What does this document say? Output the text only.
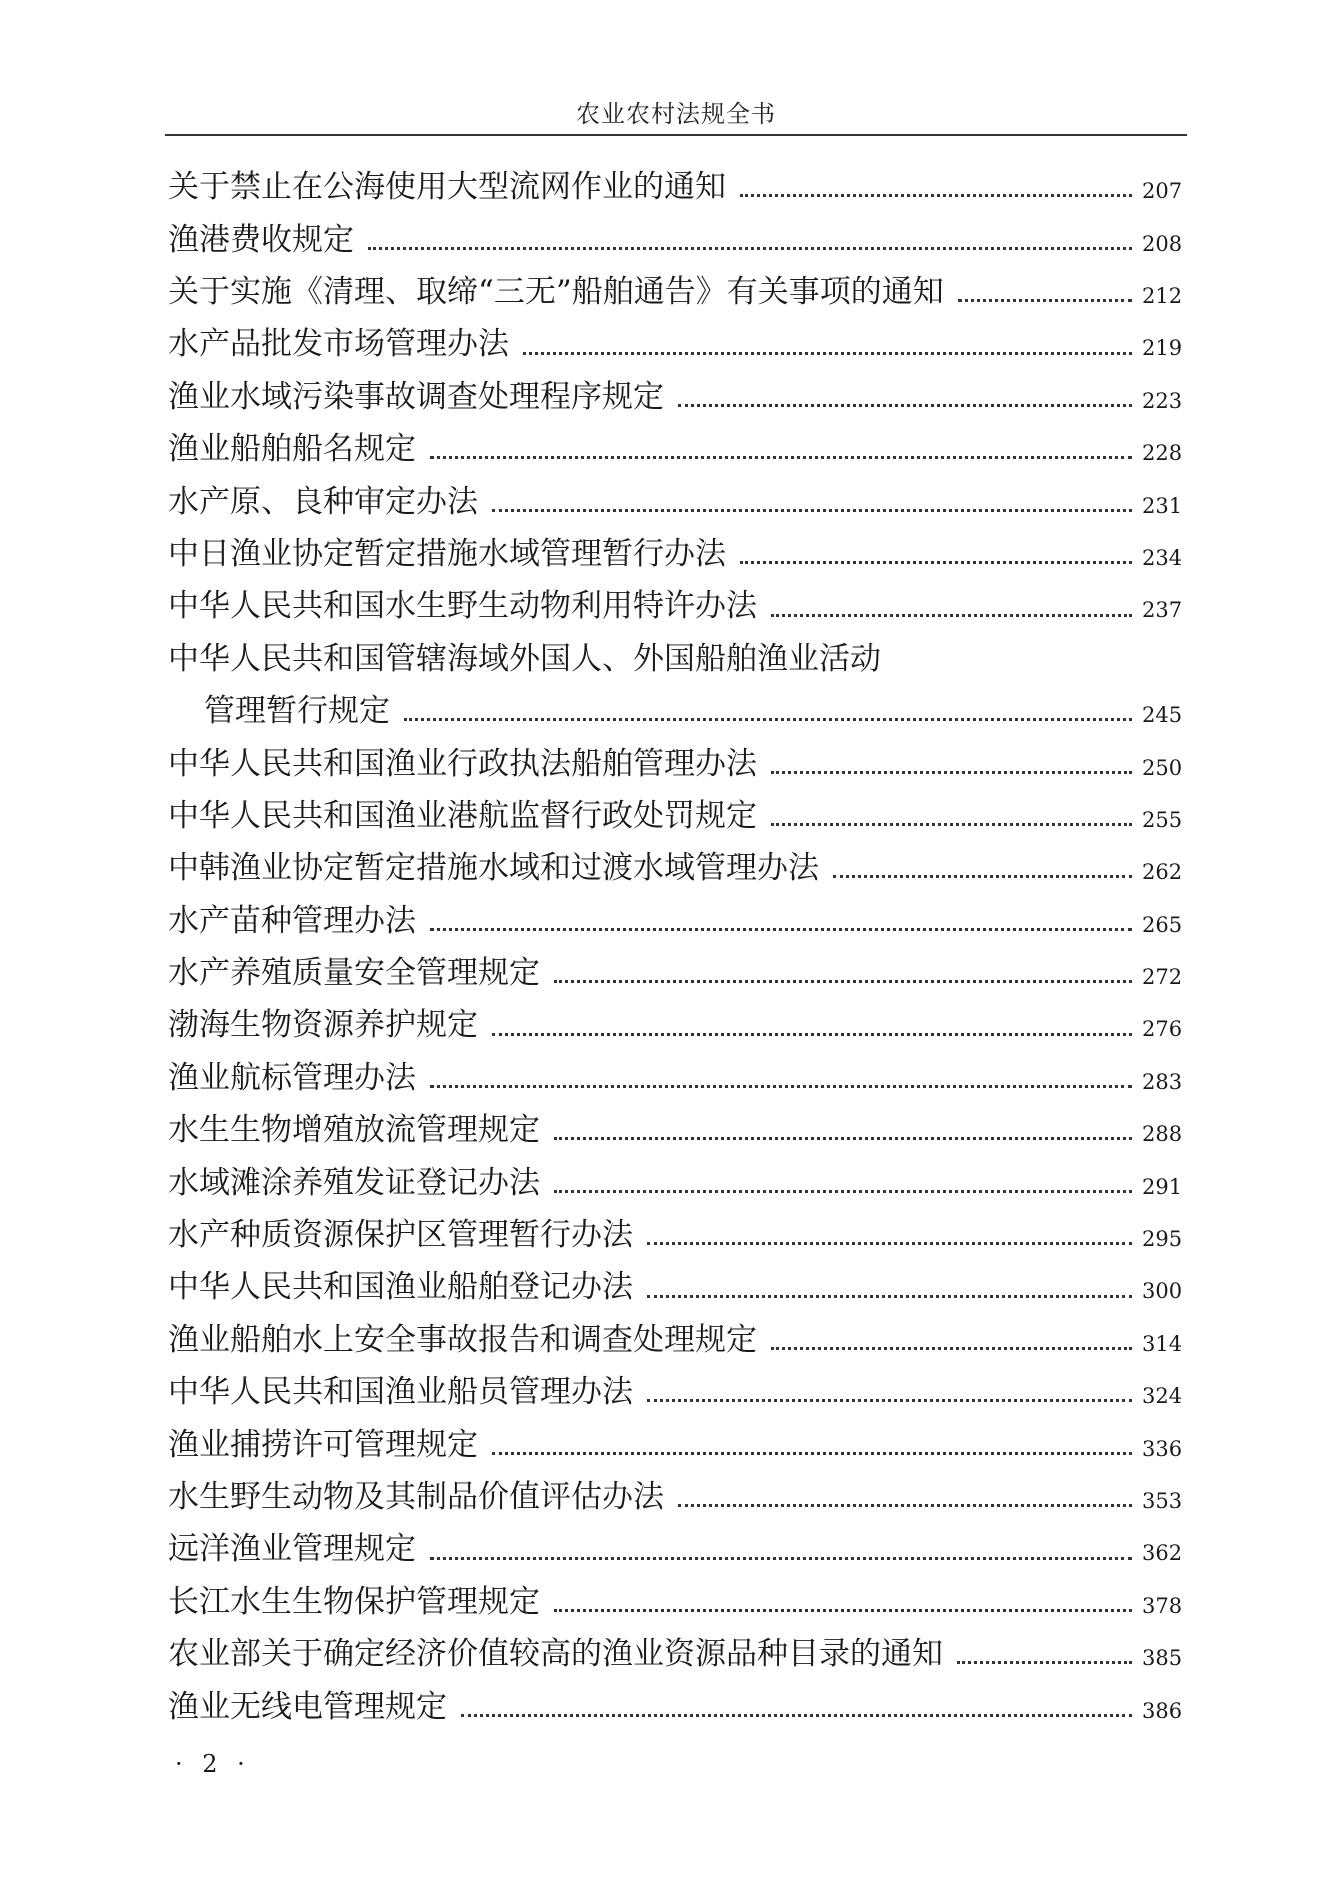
农业农村法规全书
关于禁止在公海使用大型流网作业的通知	207
渔港费收规定	208
关于实施《清理、取缔“三无”船舶通告》有关事项的通知	212
水产品批发市场管理办法	219
渔业水域污染事故调查处理程序规定	223
渔业船舶船名规定	228
水产原、良种审定办法	231
中日渔业协定暂定措施水域管理暂行办法	234
中华人民共和国水生野生动物利用特许办法	237
中华人民共和国管辖海域外国人、外国船舶渔业活动
管理暂行规定	245
中华人民共和国渔业行政执法船舶管理办法	250
中华人民共和国渔业港航监督行政处罚规定	255
中韩渔业协定暂定措施水域和过渡水域管理办法	262
水产苗种管理办法	265
水产养殖质量安全管理规定	272
渤海生物资源养护规定	276
渔业航标管理办法	283
水生生物增殖放流管理规定	288
水域滩涂养殖发证登记办法	291
水产种质资源保护区管理暂行办法	295
中华人民共和国渔业船舶登记办法	300
渔业船舶水上安全事故报告和调查处理规定	314
中华人民共和国渔业船员管理办法	324
渔业捕捞许可管理规定	336
水生野生动物及其制品价值评估办法	353
远洋渔业管理规定	362
长江水生生物保护管理规定	378
农业部关于确定经济价值较高的渔业资源品种目录的通知	385
渔业无线电管理规定	386
· 2 ·
